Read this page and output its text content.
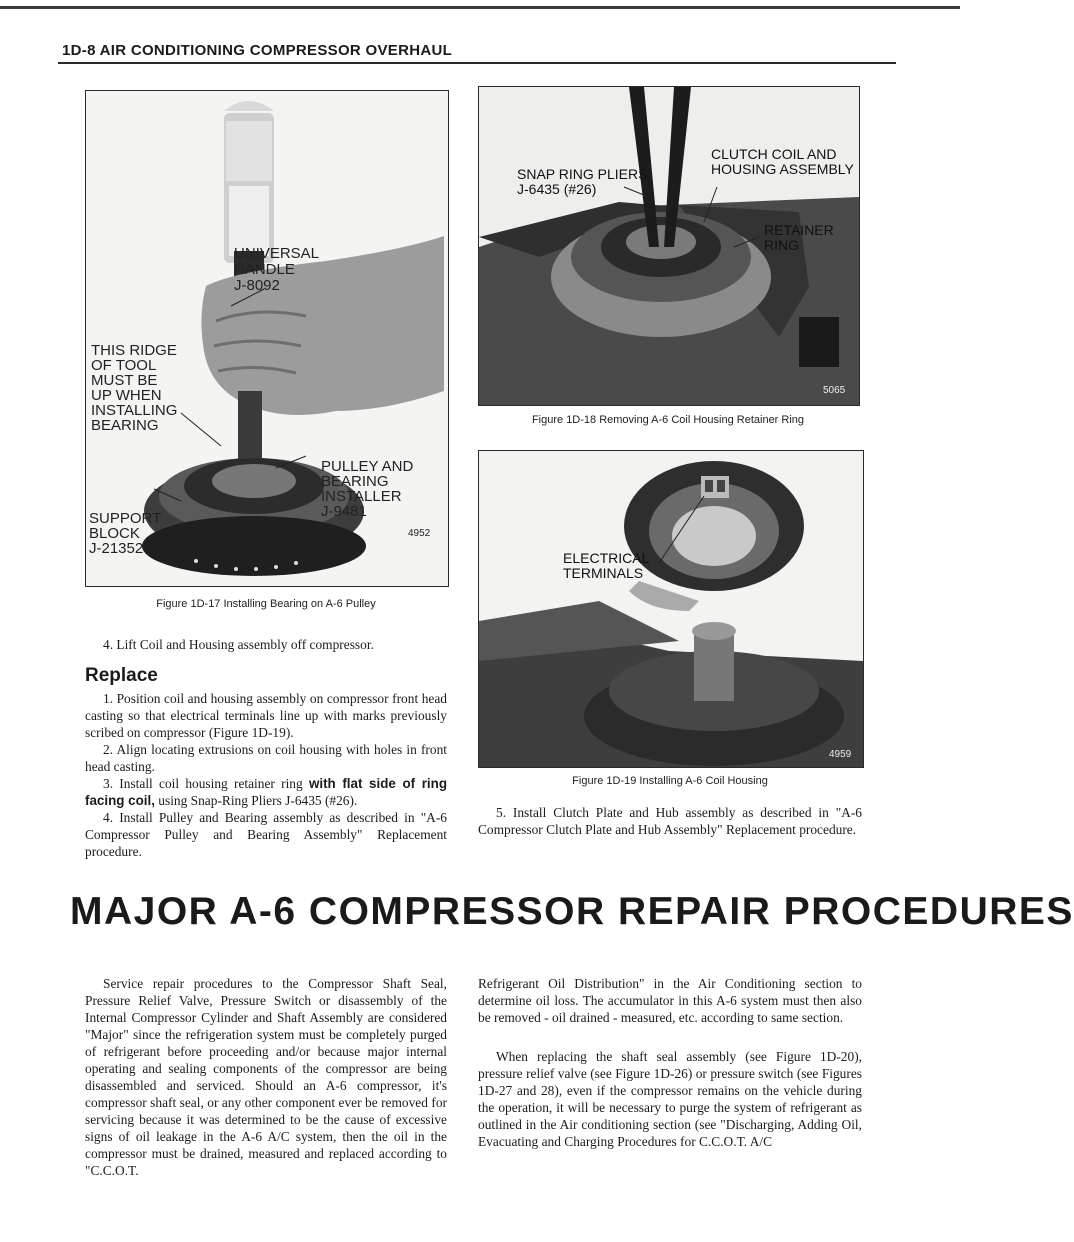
1D-8 AIR CONDITIONING COMPRESSOR OVERHAUL
UNIVERSAL
HANDLE
J-8092
THIS RIDGE
OF TOOL
MUST BE
UP WHEN
INSTALLING
BEARING
PULLEY AND
BEARING
INSTALLER
J-9481
SUPPORT
BLOCK
J-21352
4952
Figure 1D-17 Installing Bearing on A-6 Pulley
SNAP RING PLIERS
J-6435 (#26)
CLUTCH COIL AND
HOUSING ASSEMBLY
RETAINER
RING
5065
Figure 1D-18 Removing A-6 Coil Housing Retainer Ring
ELECTRICAL
TERMINALS
4959
Figure 1D-19 Installing A-6 Coil Housing

4. Lift Coil and Housing assembly off compressor.

Replace

1. Position coil and housing assembly on compressor front head casting so that electrical terminals line up with marks previously scribed on compressor (Figure 1D-19).

2. Align locating extrusions on coil housing with holes in front head casting.

3. Install coil housing retainer ring with flat side of ring facing coil, using Snap-Ring Pliers J-6435 (#26).

4. Install Pulley and Bearing assembly as described in "A-6 Compressor Pulley and Bearing Assembly" Replacement procedure.

5. Install Clutch Plate and Hub assembly as described in "A-6 Compressor Clutch Plate and Hub Assembly" Replacement procedure.

MAJOR A-6 COMPRESSOR REPAIR PROCEDURES

Service repair procedures to the Compressor Shaft Seal, Pressure Relief Valve, Pressure Switch or disassembly of the Internal Compressor Cylinder and Shaft Assembly are considered "Major" since the refrigeration system must be completely purged of refrigerant before proceeding and/or because major internal operating and sealing components of the compressor are being disassembled and serviced. Should an A-6 compressor, it's compressor shaft seal, or any other component ever be removed for servicing because it was determined to be the cause of excessive signs of oil leakage in the A-6 A/C system, then the oil in the compressor must be drained, measured and replaced according to "C.C.O.T.

Refrigerant Oil Distribution" in the Air Conditioning section to determine oil loss. The accumulator in this A-6 system must then also be removed - oil drained - measured, etc. according to same section.

When replacing the shaft seal assembly (see Figure 1D-20), pressure relief valve (see Figure 1D-26) or pressure switch (see Figures 1D-27 and 28), even if the compressor remains on the vehicle during the operation, it will be necessary to purge the system of refrigerant as outlined in the Air conditioning section (see "Discharging, Adding Oil, Evacuating and Charging Procedures for C.C.O.T. A/C
